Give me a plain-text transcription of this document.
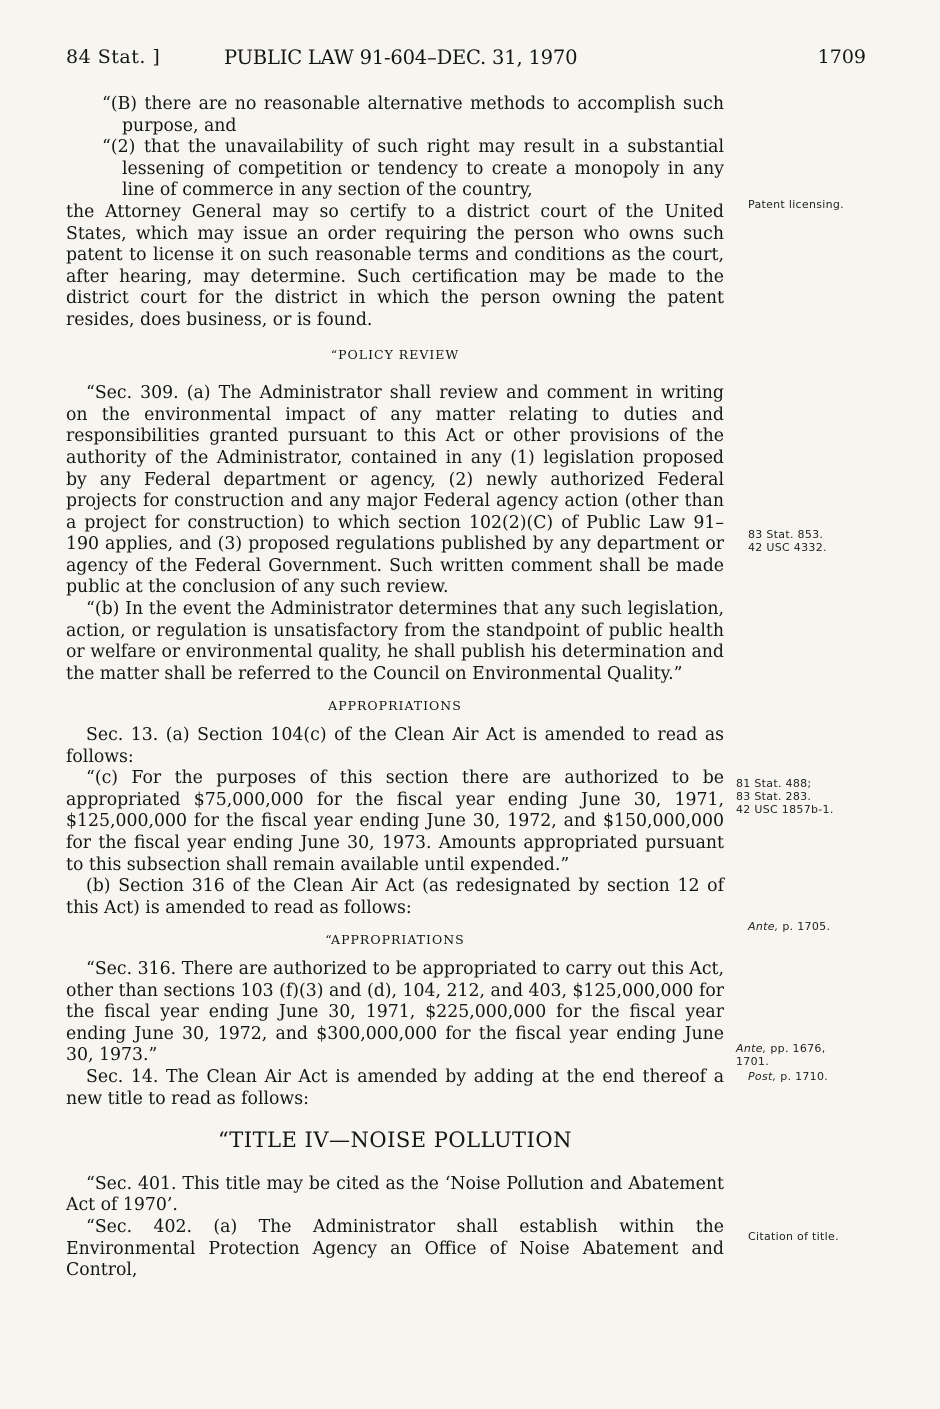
84 Stat. ]	PUBLIC LAW 91-604–DEC. 31, 1970	1709

“(B) there are no reasonable alternative methods to accomplish such purpose, and

“(2) that the unavailability of such right may result in a substantial lessening of competition or tendency to create a monopoly in any line of commerce in any section of the country,

the Attorney General may so certify to a district court of the United States, which may issue an order requiring the person who owns such patent to license it on such reasonable terms and conditions as the court, after hearing, may determine. Such certification may be made to the district court for the district in which the person owning the patent resides, does business, or is found.

“POLICY REVIEW

“Sec. 309. (a) The Administrator shall review and comment in writing on the environmental impact of any matter relating to duties and responsibilities granted pursuant to this Act or other provisions of the authority of the Administrator, contained in any (1) legislation proposed by any Federal department or agency, (2) newly authorized Federal projects for construction and any major Federal agency action (other than a project for construction) to which section 102(2)(C) of Public Law 91–190 applies, and (3) proposed regulations published by any department or agency of the Federal Government. Such written comment shall be made public at the conclusion of any such review.

“(b) In the event the Administrator determines that any such legislation, action, or regulation is unsatisfactory from the standpoint of public health or welfare or environmental quality, he shall publish his determination and the matter shall be referred to the Council on Environmental Quality.”

APPROPRIATIONS

Sec. 13. (a) Section 104(c) of the Clean Air Act is amended to read as follows:

“(c) For the purposes of this section there are authorized to be appropriated $75,000,000 for the fiscal year ending June 30, 1971, $125,000,000 for the fiscal year ending June 30, 1972, and $150,000,000 for the fiscal year ending June 30, 1973. Amounts appropriated pursuant to this subsection shall remain available until expended.”

(b) Section 316 of the Clean Air Act (as redesignated by section 12 of this Act) is amended to read as follows:

“APPROPRIATIONS

“Sec. 316. There are authorized to be appropriated to carry out this Act, other than sections 103 (f)(3) and (d), 104, 212, and 403, $125,000,000 for the fiscal year ending June 30, 1971, $225,000,000 for the fiscal year ending June 30, 1972, and $300,000,000 for the fiscal year ending June 30, 1973.”

Sec. 14. The Clean Air Act is amended by adding at the end thereof a new title to read as follows:

“TITLE IV—NOISE POLLUTION

“Sec. 401. This title may be cited as the ‘Noise Pollution and Abatement Act of 1970’.

“Sec. 402. (a) The Administrator shall establish within the Environmental Protection Agency an Office of Noise Abatement and Control,

Patent licensing.
83 Stat. 853.
42 USC 4332.
81 Stat. 488;
83 Stat. 283.
42 USC 1857b-1.
Ante, p. 1705.
Ante, pp. 1676,
1701.
Post, p. 1710.
Citation of title.
